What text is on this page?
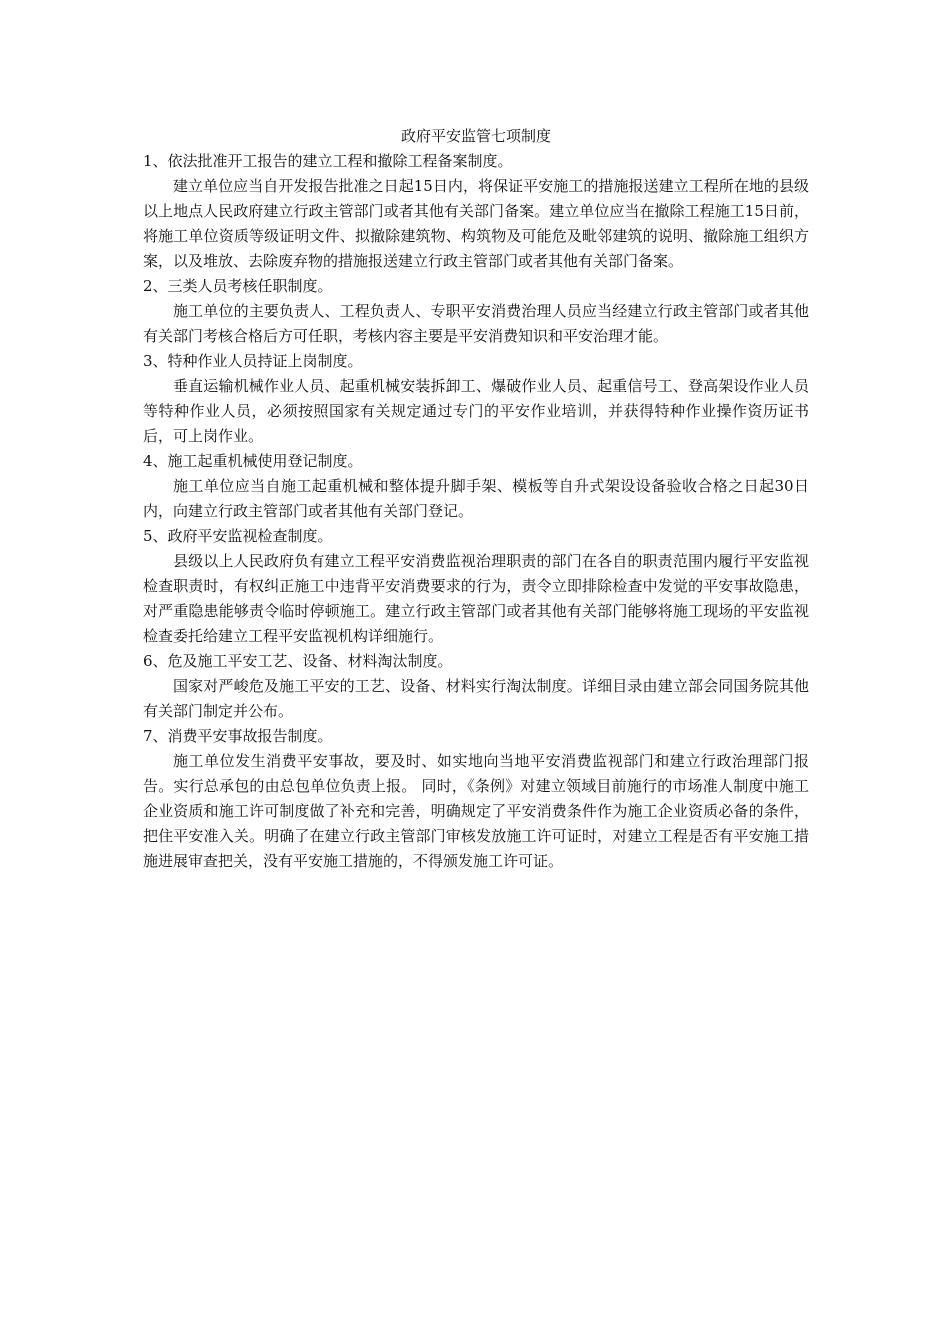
政府平安监管七项制度

1、依法批准开工报告的建立工程和撤除工程备案制度。

建立单位应当自开发报告批准之日起15日内，将保证平安施工的措施报送建立工程所在地的县级以上地点人民政府建立行政主管部门或者其他有关部门备案。建立单位应当在撤除工程施工15日前，将施工单位资质等级证明文件、拟撤除建筑物、构筑物及可能危及毗邻建筑的说明、撤除施工组织方案，以及堆放、去除废弃物的措施报送建立行政主管部门或者其他有关部门备案。

2、三类人员考核任职制度。

施工单位的主要负责人、工程负责人、专职平安消费治理人员应当经建立行政主管部门或者其他有关部门考核合格后方可任职，考核内容主要是平安消费知识和平安治理才能。

3、特种作业人员持证上岗制度。

垂直运输机械作业人员、起重机械安装拆卸工、爆破作业人员、起重信号工、登高架设作业人员等特种作业人员，必须按照国家有关规定通过专门的平安作业培训，并获得特种作业操作资历证书后，可上岗作业。

4、施工起重机械使用登记制度。

施工单位应当自施工起重机械和整体提升脚手架、模板等自升式架设设备验收合格之日起30日内，向建立行政主管部门或者其他有关部门登记。

5、政府平安监视检查制度。

县级以上人民政府负有建立工程平安消费监视治理职责的部门在各自的职责范围内履行平安监视检查职责时，有权纠正施工中违背平安消费要求的行为，责令立即排除检查中发觉的平安事故隐患，对严重隐患能够责令临时停顿施工。建立行政主管部门或者其他有关部门能够将施工现场的平安监视检查委托给建立工程平安监视机构详细施行。

6、危及施工平安工艺、设备、材料淘汰制度。

国家对严峻危及施工平安的工艺、设备、材料实行淘汰制度。详细目录由建立部会同国务院其他有关部门制定并公布。

7、消费平安事故报告制度。

施工单位发生消费平安事故，要及时、如实地向当地平安消费监视部门和建立行政治理部门报告。实行总承包的由总包单位负责上报。 同时，《条例》对建立领域目前施行的市场准人制度中施工企业资质和施工许可制度做了补充和完善，明确规定了平安消费条件作为施工企业资质必备的条件，把住平安准入关。明确了在建立行政主管部门审核发放施工许可证时，对建立工程是否有平安施工措施进展审查把关，没有平安施工措施的，不得颁发施工许可证。
